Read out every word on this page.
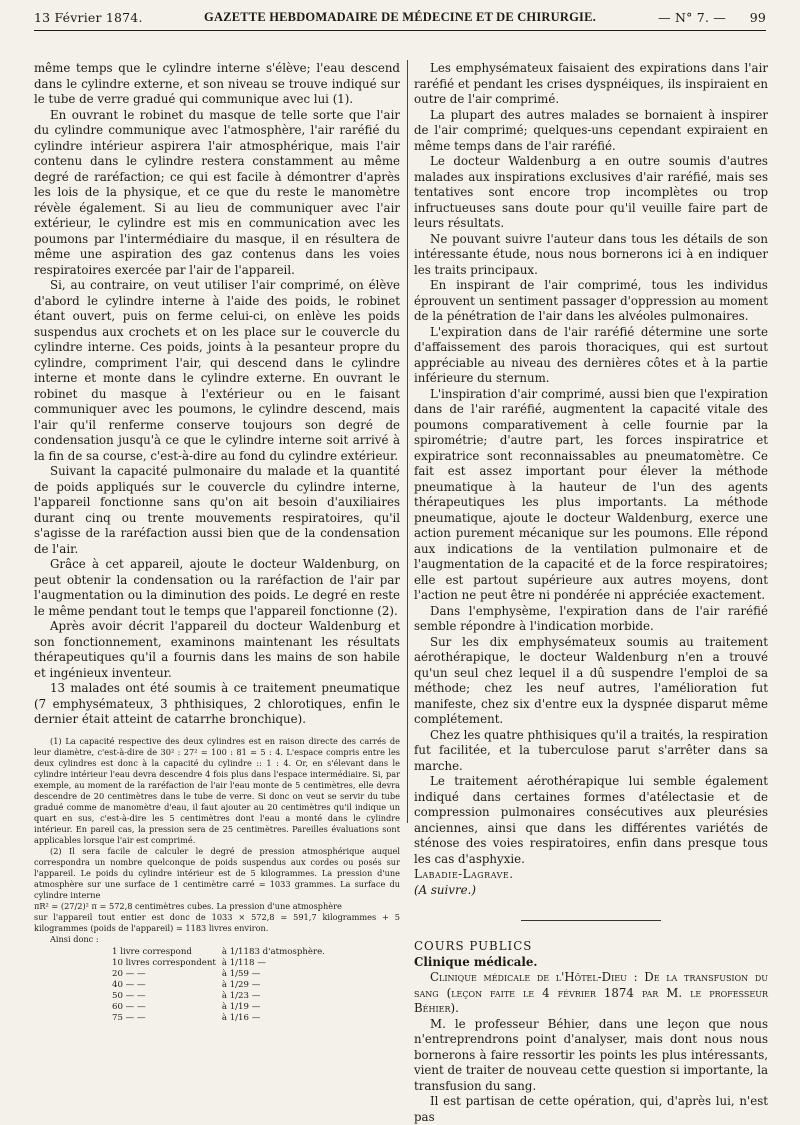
13 Février 1874.	GAZETTE HEBDOMADAIRE DE MÉDECINE ET DE CHIRURGIE.	— N° 7. — 99

même temps que le cylindre interne s'élève; l'eau descend dans le cylindre externe, et son niveau se trouve indiqué sur le tube de verre gradué qui communique avec lui (1).

En ouvrant le robinet du masque de telle sorte que l'air du cylindre communique avec l'atmosphère, l'air raréfié du cylindre intérieur aspirera l'air atmosphérique, mais l'air contenu dans le cylindre restera constamment au même degré de raréfaction; ce qui est facile à démontrer d'après les lois de la physique, et ce que du reste le manomètre révèle également. Si au lieu de communiquer avec l'air extérieur, le cylindre est mis en communication avec les poumons par l'intermédiaire du masque, il en résultera de même une aspiration des gaz contenus dans les voies respiratoires exercée par l'air de l'appareil.

Si, au contraire, on veut utiliser l'air comprimé, on élève d'abord le cylindre interne à l'aide des poids, le robinet étant ouvert, puis on ferme celui-ci, on enlève les poids suspendus aux crochets et on les place sur le couvercle du cylindre interne. Ces poids, joints à la pesanteur propre du cylindre, compriment l'air, qui descend dans le cylindre interne et monte dans le cylindre externe. En ouvrant le robinet du masque à l'extérieur ou en le faisant communiquer avec les poumons, le cylindre descend, mais l'air qu'il renferme conserve toujours son degré de condensation jusqu'à ce que le cylindre interne soit arrivé à la fin de sa course, c'est-à-dire au fond du cylindre extérieur.

Suivant la capacité pulmonaire du malade et la quantité de poids appliqués sur le couvercle du cylindre interne, l'appareil fonctionne sans qu'on ait besoin d'auxiliaires durant cinq ou trente mouvements respiratoires, qu'il s'agisse de la raréfaction aussi bien que de la condensation de l'air.

Grâce à cet appareil, ajoute le docteur Waldenburg, on peut obtenir la condensation ou la raréfaction de l'air par l'augmentation ou la diminution des poids. Le degré en reste le même pendant tout le temps que l'appareil fonctionne (2).

Après avoir décrit l'appareil du docteur Waldenburg et son fonctionnement, examinons maintenant les résultats thérapeutiques qu'il a fournis dans les mains de son habile et ingénieux inventeur.

13 malades ont été soumis à ce traitement pneumatique (7 emphysémateux, 3 phthisiques, 2 chlorotiques, enfin le dernier était atteint de catarrhe bronchique).

(1) La capacité respective des deux cylindres est en raison directe des carrés de leur diamètre, c'est-à-dire de 30² : 27² = 100 : 81 = 5 : 4. L'espace compris entre les deux cylindres est donc à la capacité du cylindre :: 1 : 4. Or, en s'élevant dans le cylindre intérieur l'eau devra descendre 4 fois plus dans l'espace intermédiaire. Si, par exemple, au moment de la raréfaction de l'air l'eau monte de 5 centimètres, elle devra descendre de 20 centimètres dans le tube de verre. Si donc on veut se servir du tube gradué comme de manomètre d'eau, il faut ajouter au 20 centimètres qu'il indique un quart en sus, c'est-à-dire les 5 centimètres dont l'eau a monté dans le cylindre intérieur. En pareil cas, la pression sera de 25 centimètres. Pareilles évaluations sont applicables lorsque l'air est comprimé.

(2) Il sera facile de calculer le degré de pression atmosphérique auquel correspondra un nombre quelconque de poids suspendus aux cordes ou posés sur l'appareil. Le poids du cylindre intérieur est de 5 kilogrammes. La pression d'une atmosphère sur une surface de 1 centimètre carré = 1033 grammes. La surface du cylindre interne

πR² = (27/2)² π = 572,8 centimètres cubes. La pression d'une atmosphère

sur l'appareil tout entier est donc de 1033 × 572,8 = 591,7 kilogrammes + 5 kilogrammes (poids de l'appareil) = 1183 livres environ.

Ainsi donc :

1 livre correspond	à 1/1183 d'atmosphère.
10 livres correspondent	à 1/118 —
20 — —	à 1/59 —
40 — —	à 1/29 —
50 — —	à 1/23 —
60 — —	à 1/19 —
75 — —	à 1/16 —

Les emphysémateux faisaient des expirations dans l'air raréfié et pendant les crises dyspnéiques, ils inspiraient en outre de l'air comprimé.

La plupart des autres malades se bornaient à inspirer de l'air comprimé; quelques-uns cependant expiraient en même temps dans de l'air raréfié.

Le docteur Waldenburg a en outre soumis d'autres malades aux inspirations exclusives d'air raréfié, mais ses tentatives sont encore trop incomplètes ou trop infructueuses sans doute pour qu'il veuille faire part de leurs résultats.

Ne pouvant suivre l'auteur dans tous les détails de son intéressante étude, nous nous bornerons ici à en indiquer les traits principaux.

En inspirant de l'air comprimé, tous les individus éprouvent un sentiment passager d'oppression au moment de la pénétration de l'air dans les alvéoles pulmonaires.

L'expiration dans de l'air raréfié détermine une sorte d'affaissement des parois thoraciques, qui est surtout appréciable au niveau des dernières côtes et à la partie inférieure du sternum.

L'inspiration d'air comprimé, aussi bien que l'expiration dans de l'air raréfié, augmentent la capacité vitale des poumons comparativement à celle fournie par la spirométrie; d'autre part, les forces inspiratrice et expiratrice sont reconnaissables au pneumatomètre. Ce fait est assez important pour élever la méthode pneumatique à la hauteur de l'un des agents thérapeutiques les plus importants. La méthode pneumatique, ajoute le docteur Waldenburg, exerce une action purement mécanique sur les poumons. Elle répond aux indications de la ventilation pulmonaire et de l'augmentation de la capacité et de la force respiratoires; elle est partout supérieure aux autres moyens, dont l'action ne peut être ni pondérée ni appréciée exactement.

Dans l'emphysème, l'expiration dans de l'air raréfié semble répondre à l'indication morbide.

Sur les dix emphysémateux soumis au traitement aérothérapique, le docteur Waldenburg n'en a trouvé qu'un seul chez lequel il a dû suspendre l'emploi de sa méthode; chez les neuf autres, l'amélioration fut manifeste, chez six d'entre eux la dyspnée disparut même complétement.

Chez les quatre phthisiques qu'il a traités, la respiration fut facilitée, et la tuberculose parut s'arrêter dans sa marche.

Le traitement aérothérapique lui semble également indiqué dans certaines formes d'atélectasie et de compression pulmonaires consécutives aux pleurésies anciennes, ainsi que dans les différentes variétés de sténose des voies respiratoires, enfin dans presque tous les cas d'asphyxie.

Labadie-Lagrave.

(A suivre.)

COURS PUBLICS

Clinique médicale.

Clinique médicale de l'Hôtel-Dieu : De la transfusion du sang (leçon faite le 4 février 1874 par M. le professeur Béhier).

M. le professeur Béhier, dans une leçon que nous n'entreprendrons point d'analyser, mais dont nous nous bornerons à faire ressortir les points les plus intéressants, vient de traiter de nouveau cette question si importante, la transfusion du sang.

Il est partisan de cette opération, qui, d'après lui, n'est pas
